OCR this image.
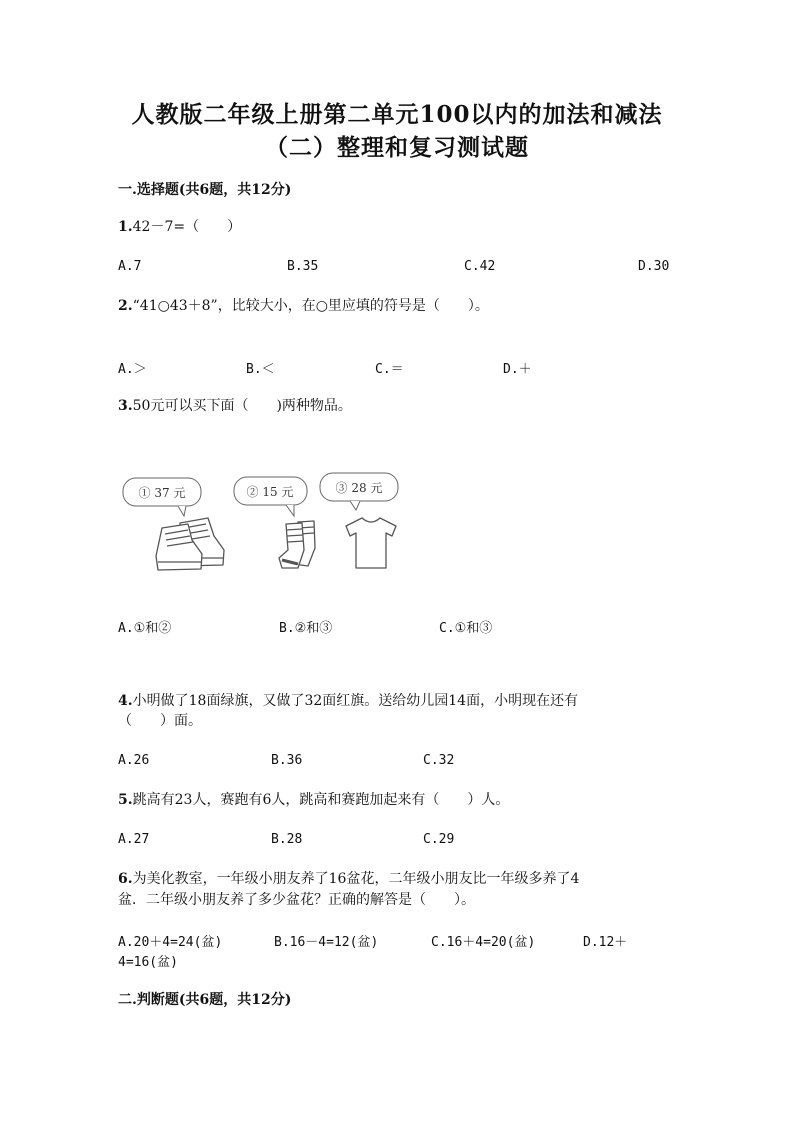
人教版二年级上册第二单元100以内的加法和减法
（二）整理和复习测试题
一.选择题(共6题，共12分)
1.42－7=（　　）
A.7	B.35	C.42	D.30
2.“41○43＋8”，比较大小，在○里应填的符号是（　　）。
A.＞	B.＜	C.＝	D.＋
3.50元可以买下面（　　)两种物品。
① 37 元	② 15 元	③ 28 元
A.①和②	B.②和③	C.①和③
4.小明做了18面绿旗，又做了32面红旗。送给幼儿园14面，小明现在还有
（　　）面。
A.26	B.36	C.32
5.跳高有23人，赛跑有6人，跳高和赛跑加起来有（　　）人。
A.27	B.28	C.29
6.为美化教室，一年级小朋友养了16盆花，二年级小朋友比一年级多养了4
盆．二年级小朋友养了多少盆花？正确的解答是（　　）。
A.20＋4=24(盆)	B.16－4=12(盆)	C.16＋4=20(盆)	D.12＋
4=16(盆)
二.判断题(共6题，共12分)
